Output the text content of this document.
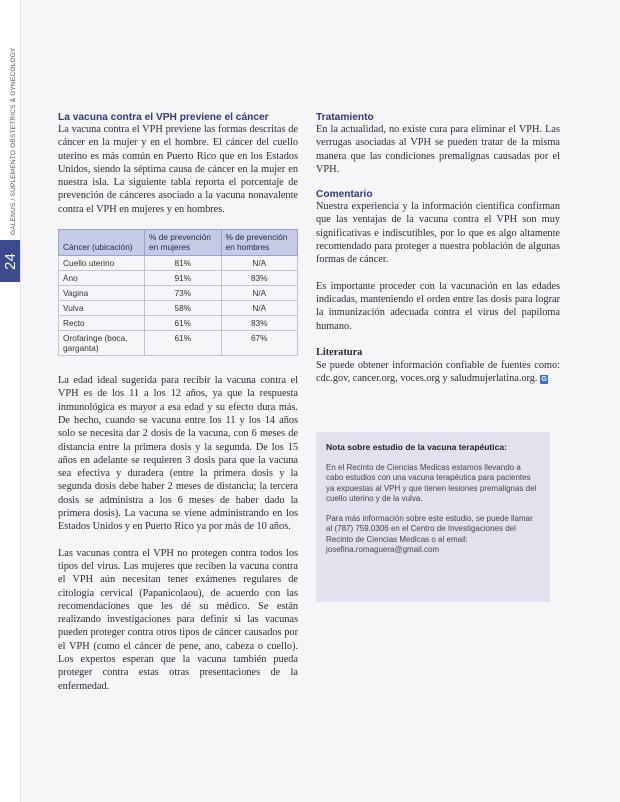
GALENUS / SUPLEMENTO OBSTETRICS & GYNECOLOGY
24
La vacuna contra el VPH previene el cáncer

La vacuna contra el VPH previene las formas descritas de cáncer en la mujer y en el hombre. El cáncer del cuello uterino es más común en Puerto Rico que en los Estados Unidos, siendo la séptima causa de cáncer en la mujer en nuestra isla. La siguiente tabla reporta el porcentaje de prevención de cánceres asociado a la vacuna nonavalente contra el VPH en mujeres y en hombres.

Cáncer (ubicación)	% de prevención en mujeres	% de prevención en hombres
Cuello uterino	81%	N/A
Ano	91%	83%
Vagina	73%	N/A
Vulva	58%	N/A
Recto	61%	83%
Orofaringe (boca, garganta)	61%	67%

La edad ideal sugerida para recibir la vacuna contra el VPH es de los 11 a los 12 años, ya que la respuesta inmunológica es mayor a esa edad y su efecto dura más. De hecho, cuando se vacuna entre los 11 y los 14 años solo se necesita dar 2 dosis de la vacuna, con 6 meses de distancia entre la primera dosis y la segunda. De los 15 años en adelante se requieren 3 dosis para que la vacuna sea efectiva y duradera (entre la primera dosis y la segunda dosis debe haber 2 meses de distancia; la tercera dosis se administra a los 6 meses de haber dado la primera dosis). La vacuna se viene administrando en los Estados Unidos y en Puerto Rico ya por más de 10 años.

Las vacunas contra el VPH no protegen contra todos los tipos del virus. Las mujeres que reciben la vacuna contra el VPH aún necesitan tener exámenes regulares de citología cervical (Papanicolaou), de acuerdo con las recomendaciones que les dé su médico. Se están realizando investigaciones para definir si las vacunas pueden proteger contra otros tipos de cáncer causados por el VPH (como el cáncer de pene, ano, cabeza o cuello). Los expertos esperan que la vacuna también pueda proteger contra estas otras presentaciones de la enfermedad.

Tratamiento

En la actualidad, no existe cura para eliminar el VPH. Las verrugas asociadas al VPH se pueden tratar de la misma manera que las condiciones premalignas causadas por el VPH.

Comentario

Nuestra experiencia y la información científica confirman que las ventajas de la vacuna contra el VPH son muy significativas e indiscutibles, por lo que es algo altamente recomendado para proteger a nuestra población de algunas formas de cáncer.

Es importante proceder con la vacunación en las edades indicadas, manteniendo el orden entre las dosis para lograr la inmunización adecuada contra el virus del papiloma humano.

Literatura

Se puede obtener información confiable de fuentes como: cdc.gov, cancer.org, voces.org y saludmujerlatina.org. G

Nota sobre estudio de la vacuna terapéutica:

En el Recinto de Ciencias Medicas estamos llevando a cabo estudios con una vacuna terapéutica para pacientes ya expuestas al VPH y que tienen lesiones premalignas del cuello uterino y de la vulva.

Para más información sobre este estudio, se puede llamar al (787) 759.0306 en el Centro de Investigaciones del Recinto de Ciencias Medicas o al email: josefina.romaguera@gmail.com
